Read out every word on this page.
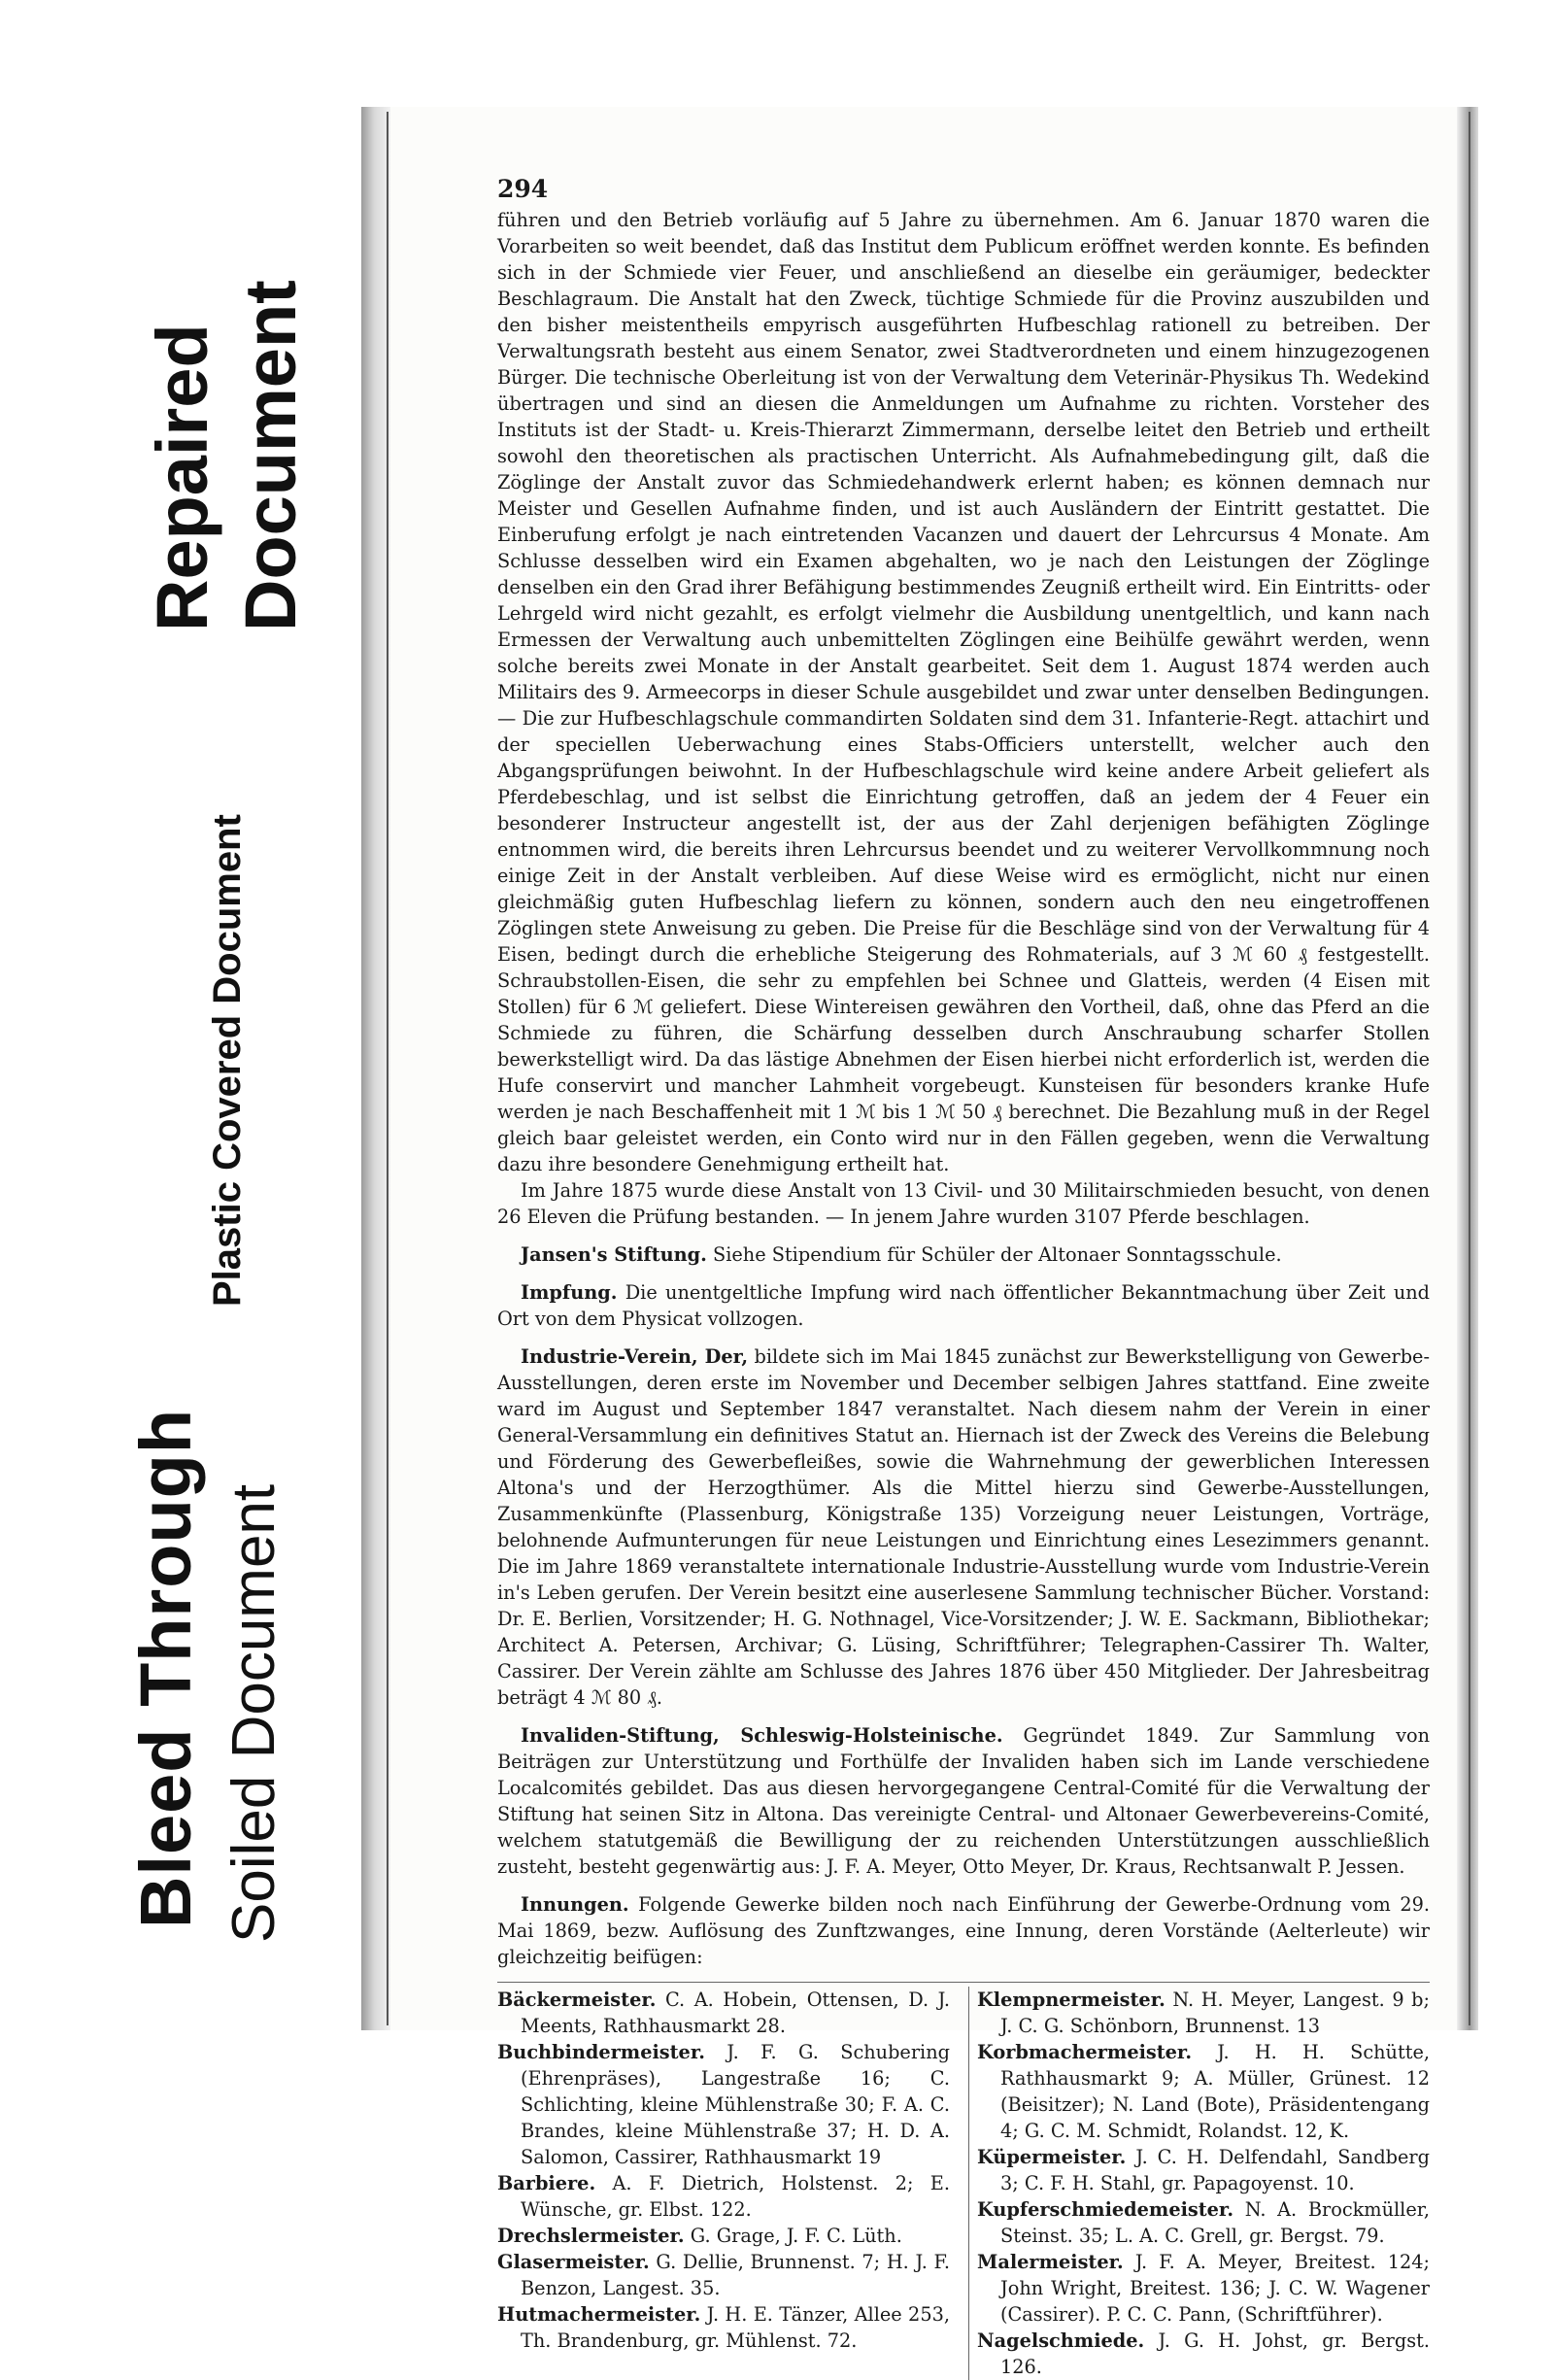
Bleed Through Soiled Document
Plastic Covered Document
Repaired Document
294

führen und den Betrieb vorläufig auf 5 Jahre zu übernehmen. Am 6. Januar 1870 waren die Vorarbeiten so weit beendet, daß das Institut dem Publicum eröffnet werden konnte. Es befinden sich in der Schmiede vier Feuer, und anschließend an dieselbe ein geräumiger, bedeckter Beschlagraum. Die Anstalt hat den Zweck, tüchtige Schmiede für die Provinz auszubilden und den bisher meistentheils empyrisch ausgeführten Hufbeschlag rationell zu betreiben. Der Verwaltungsrath besteht aus einem Senator, zwei Stadtverordneten und einem hinzugezogenen Bürger. Die technische Oberleitung ist von der Verwaltung dem Veterinär-Physikus Th. Wedekind übertragen und sind an diesen die Anmeldungen um Aufnahme zu richten. Vorsteher des Instituts ist der Stadt- u. Kreis-Thierarzt Zimmermann, derselbe leitet den Betrieb und ertheilt sowohl den theoretischen als practischen Unterricht. Als Aufnahmebedingung gilt, daß die Zöglinge der Anstalt zuvor das Schmiedehandwerk erlernt haben; es können demnach nur Meister und Gesellen Aufnahme finden, und ist auch Ausländern der Eintritt gestattet. Die Einberufung erfolgt je nach eintretenden Vacanzen und dauert der Lehrcursus 4 Monate. Am Schlusse desselben wird ein Examen abgehalten, wo je nach den Leistungen der Zöglinge denselben ein den Grad ihrer Befähigung bestimmendes Zeugniß ertheilt wird. Ein Eintritts- oder Lehrgeld wird nicht gezahlt, es erfolgt vielmehr die Ausbildung unentgeltlich, und kann nach Ermessen der Verwaltung auch unbemittelten Zöglingen eine Beihülfe gewährt werden, wenn solche bereits zwei Monate in der Anstalt gearbeitet. Seit dem 1. August 1874 werden auch Militairs des 9. Armeecorps in dieser Schule ausgebildet und zwar unter denselben Bedingungen. — Die zur Hufbeschlagschule commandirten Soldaten sind dem 31. Infanterie-Regt. attachirt und der speciellen Ueberwachung eines Stabs-Officiers unterstellt, welcher auch den Abgangsprüfungen beiwohnt. In der Hufbeschlagschule wird keine andere Arbeit geliefert als Pferdebeschlag, und ist selbst die Einrichtung getroffen, daß an jedem der 4 Feuer ein besonderer Instructeur angestellt ist, der aus der Zahl derjenigen befähigten Zöglinge entnommen wird, die bereits ihren Lehrcursus beendet und zu weiterer Vervollkommnung noch einige Zeit in der Anstalt verbleiben. Auf diese Weise wird es ermöglicht, nicht nur einen gleichmäßig guten Hufbeschlag liefern zu können, sondern auch den neu eingetroffenen Zöglingen stete Anweisung zu geben. Die Preise für die Beschläge sind von der Verwaltung für 4 Eisen, bedingt durch die erhebliche Steigerung des Rohmaterials, auf 3 ℳ 60 ₰ festgestellt. Schraubstollen-Eisen, die sehr zu empfehlen bei Schnee und Glatteis, werden (4 Eisen mit Stollen) für 6 ℳ geliefert. Diese Wintereisen gewähren den Vortheil, daß, ohne das Pferd an die Schmiede zu führen, die Schärfung desselben durch Anschraubung scharfer Stollen bewerkstelligt wird. Da das lästige Abnehmen der Eisen hierbei nicht erforderlich ist, werden die Hufe conservirt und mancher Lahmheit vorgebeugt. Kunsteisen für besonders kranke Hufe werden je nach Beschaffenheit mit 1 ℳ bis 1 ℳ 50 ₰ berechnet. Die Bezahlung muß in der Regel gleich baar geleistet werden, ein Conto wird nur in den Fällen gegeben, wenn die Verwaltung dazu ihre besondere Genehmigung ertheilt hat.

Im Jahre 1875 wurde diese Anstalt von 13 Civil- und 30 Militairschmieden besucht, von denen 26 Eleven die Prüfung bestanden. — In jenem Jahre wurden 3107 Pferde beschlagen.

Jansen's Stiftung. Siehe Stipendium für Schüler der Altonaer Sonntagsschule.

Impfung. Die unentgeltliche Impfung wird nach öffentlicher Bekanntmachung über Zeit und Ort von dem Physicat vollzogen.

Industrie-Verein, Der, bildete sich im Mai 1845 zunächst zur Bewerkstelligung von Gewerbe-Ausstellungen, deren erste im November und December selbigen Jahres stattfand. Eine zweite ward im August und September 1847 veranstaltet. Nach diesem nahm der Verein in einer General-Versammlung ein definitives Statut an. Hiernach ist der Zweck des Vereins die Belebung und Förderung des Gewerbefleißes, sowie die Wahrnehmung der gewerblichen Interessen Altona's und der Herzogthümer. Als die Mittel hierzu sind Gewerbe-Ausstellungen, Zusammenkünfte (Plassenburg, Königstraße 135) Vorzeigung neuer Leistungen, Vorträge, belohnende Aufmunterungen für neue Leistungen und Einrichtung eines Lesezimmers genannt. Die im Jahre 1869 veranstaltete internationale Industrie-Ausstellung wurde vom Industrie-Verein in's Leben gerufen. Der Verein besitzt eine auserlesene Sammlung technischer Bücher. Vorstand: Dr. E. Berlien, Vorsitzender; H. G. Nothnagel, Vice-Vorsitzender; J. W. E. Sackmann, Bibliothekar; Architect A. Petersen, Archivar; G. Lüsing, Schriftführer; Telegraphen-Cassirer Th. Walter, Cassirer. Der Verein zählte am Schlusse des Jahres 1876 über 450 Mitglieder. Der Jahresbeitrag beträgt 4 ℳ 80 ₰.

Invaliden-Stiftung, Schleswig-Holsteinische. Gegründet 1849. Zur Sammlung von Beiträgen zur Unterstützung und Forthülfe der Invaliden haben sich im Lande verschiedene Localcomités gebildet. Das aus diesen hervorgegangene Central-Comité für die Verwaltung der Stiftung hat seinen Sitz in Altona. Das vereinigte Central- und Altonaer Gewerbevereins-Comité, welchem statutgemäß die Bewilligung der zu reichenden Unterstützungen ausschließlich zusteht, besteht gegenwärtig aus: J. F. A. Meyer, Otto Meyer, Dr. Kraus, Rechtsanwalt P. Jessen.

Innungen. Folgende Gewerke bilden noch nach Einführung der Gewerbe-Ordnung vom 29. Mai 1869, bezw. Auflösung des Zunftzwanges, eine Innung, deren Vorstände (Aelterleute) wir gleichzeitig beifügen:

Bäckermeister. C. A. Hobein, Ottensen, D. J. Meents, Rathhausmarkt 28.

Buchbindermeister. J. F. G. Schubering (Ehrenpräses), Langestraße 16; C. Schlichting, kleine Mühlenstraße 30; F. A. C. Brandes, kleine Mühlenstraße 37; H. D. A. Salomon, Cassirer, Rathhausmarkt 19

Barbiere. A. F. Dietrich, Holstenst. 2; E. Wünsche, gr. Elbst. 122.

Drechslermeister. G. Grage, J. F. C. Lüth.

Glasermeister. G. Dellie, Brunnenst. 7; H. J. F. Benzon, Langest. 35.

Hutmachermeister. J. H. E. Tänzer, Allee 253, Th. Brandenburg, gr. Mühlenst. 72.

Klempnermeister. N. H. Meyer, Langest. 9 b; J. C. G. Schönborn, Brunnenst. 13

Korbmachermeister. J. H. H. Schütte, Rathhausmarkt 9; A. Müller, Grünest. 12 (Beisitzer); N. Land (Bote), Präsidentengang 4; G. C. M. Schmidt, Rolandst. 12, K.

Küpermeister. J. C. H. Delfendahl, Sandberg 3; C. F. H. Stahl, gr. Papagoyenst. 10.

Kupferschmiedemeister. N. A. Brockmüller, Steinst. 35; L. A. C. Grell, gr. Bergst. 79.

Malermeister. J. F. A. Meyer, Breitest. 124; John Wright, Breitest. 136; J. C. W. Wagener (Cassirer). P. C. C. Pann, (Schriftführer).

Nagelschmiede. J. G. H. Johst, gr. Bergst. 126.
